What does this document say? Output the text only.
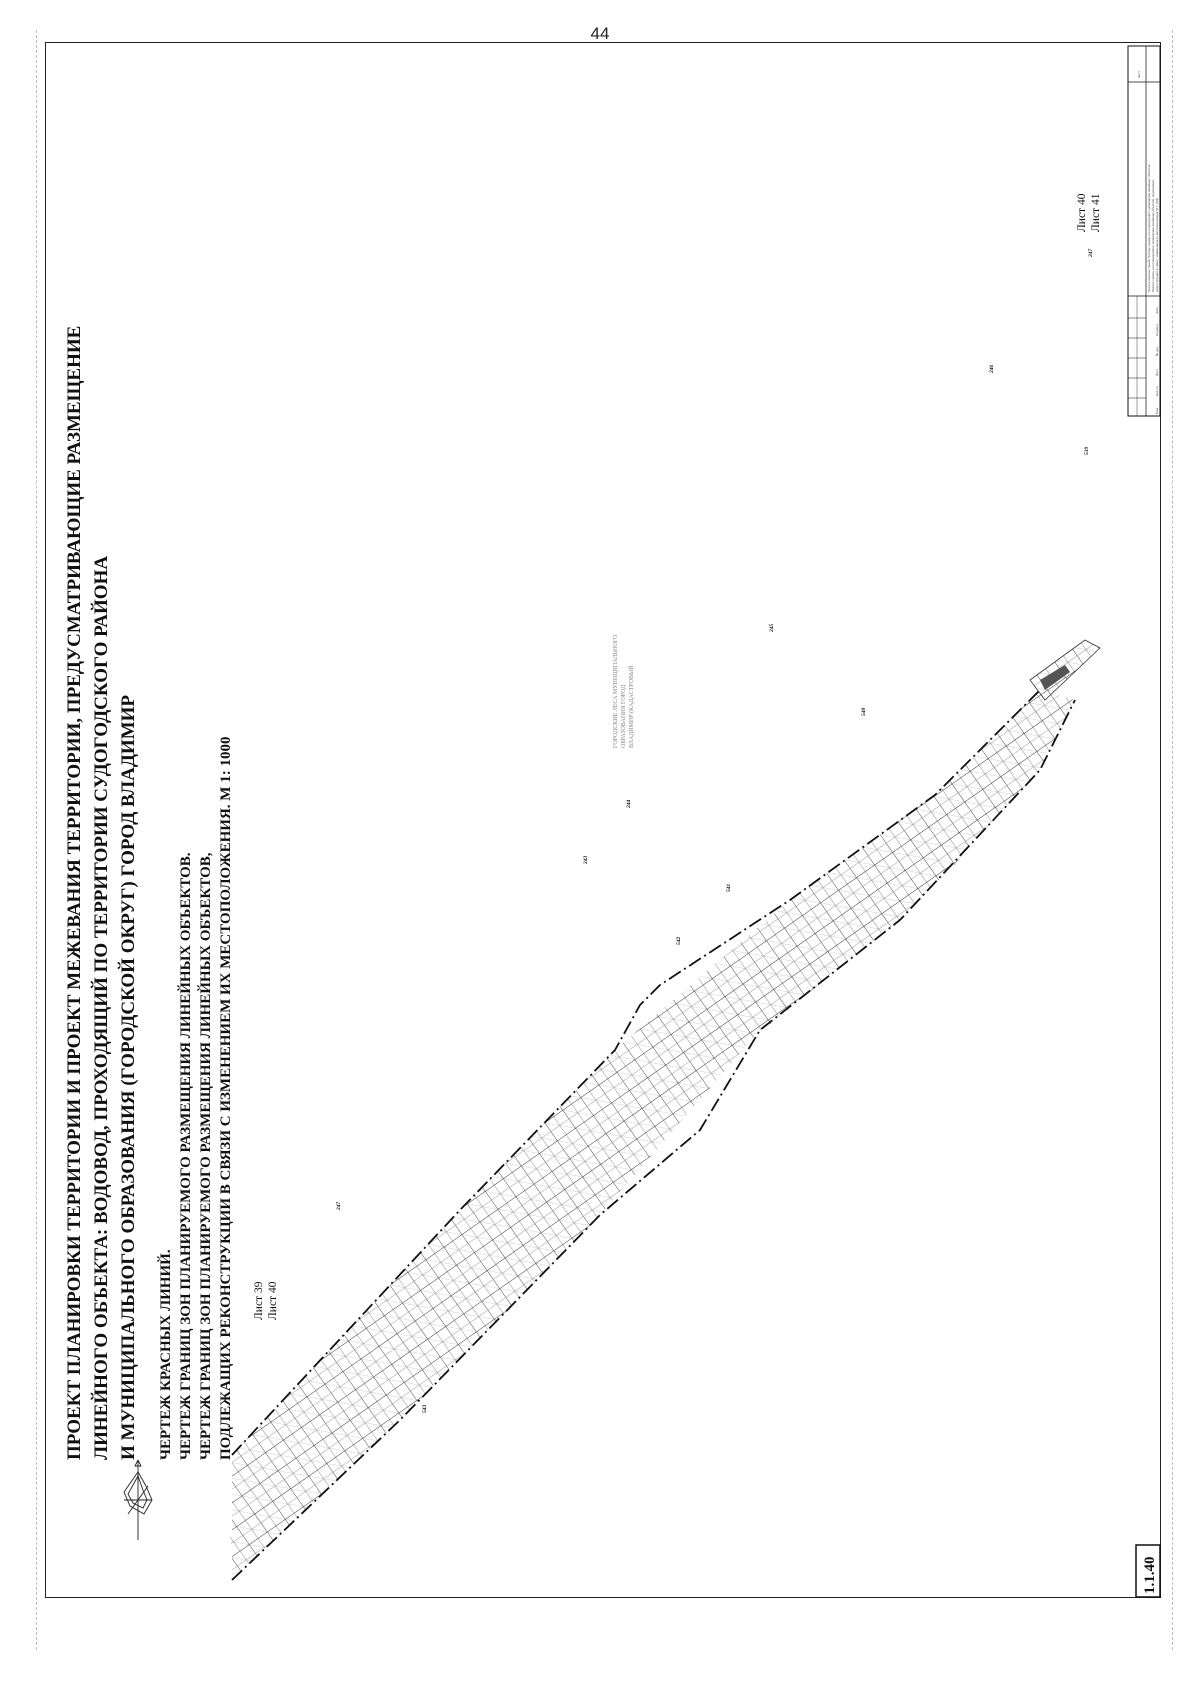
44
ПРОЕКТ ПЛАНИРОВКИ ТЕРРИТОРИИ И ПРОЕКТ МЕЖЕВАНИЯ ТЕРРИТОРИИ, ПРЕДУСМАТРИВАЮЩИЕ РАЗМЕЩЕНИЕ ЛИНЕЙНОГО ОБЪЕКТА: ВОДОВОД, ПРОХОДЯЩИЙ ПО ТЕРРИТОРИИ СУДОГОДСКОГО РАЙОНА И МУНИЦИПАЛЬНОГО ОБРАЗОВАНИЯ (ГОРОДСКОЙ ОКРУГ) ГОРОД ВЛАДИМИР ЧЕРТЕЖ КРАСНЫХ ЛИНИЙ. ЧЕРТЕЖ ГРАНИЦ ЗОН ПЛАНИРУЕМОГО РАЗМЕЩЕНИЯ ЛИНЕЙНЫХ ОБЪЕКТОВ. ЧЕРТЕЖ ГРАНИЦ ЗОН ПЛАНИРУЕМОГО РАЗМЕЩЕНИЯ ЛИНЕЙНЫХ ОБЪЕКТОВ, ПОДЛЕЖАЩИХ РЕКОНСТРУКЦИИ В СВЯЗИ С ИЗМЕНЕНИЕМ ИХ МЕСТОПОЛОЖЕНИЯ. М 1: 1000 Лист 39 Лист 40
Лист 40 Лист 41
543
247
542
541
243
244
540
245
539
246
247
ГОРОДСКИЕ ЛЕСА МУНИЦИПАЛЬНОГО ОБРАЗОВАНИЯ ГОРОД ВЛАДИМИР (КАДАСТРОВЫЙ
1.1.40
Изм.
Кол.уч.
Лист
№ док.
Подпись
Дата
Чертеж красных линий. Чертеж границ зон планируемого размещения линейных объектов. Чертеж границ зон планируемого размещения линейных объектов, подлежащих реконструкции в связи с изменением их местоположения М 1:1000
Лист
